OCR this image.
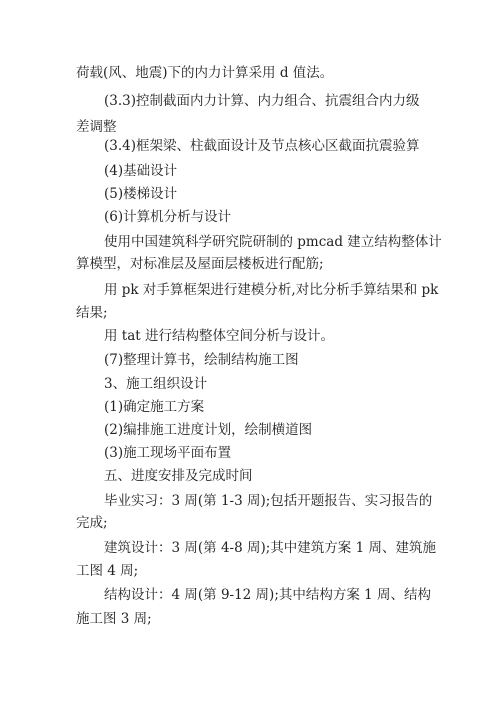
荷载(风、地震)下的内力计算采用 d 值法。
(3.3)控制截面内力计算、内力组合、抗震组合内力级
差调整
(3.4)框架梁、柱截面设计及节点核心区截面抗震验算
(4)基础设计
(5)楼梯设计
(6)计算机分析与设计
使用中国建筑科学研究院研制的 pmcad 建立结构整体计
算模型，对标准层及屋面层楼板进行配筋;
用 pk 对手算框架进行建模分析,对比分析手算结果和 pk
结果;
用 tat 进行结构整体空间分析与设计。
(7)整理计算书，绘制结构施工图
3、施工组织设计
(1)确定施工方案
(2)编排施工进度计划，绘制横道图
(3)施工现场平面布置
五、进度安排及完成时间
毕业实习：3 周(第 1-3 周);包括开题报告、实习报告的
完成;
建筑设计：3 周(第 4-8 周);其中建筑方案 1 周、建筑施
工图 4 周;
结构设计：4 周(第 9-12 周);其中结构方案 1 周、结构
施工图 3 周;
